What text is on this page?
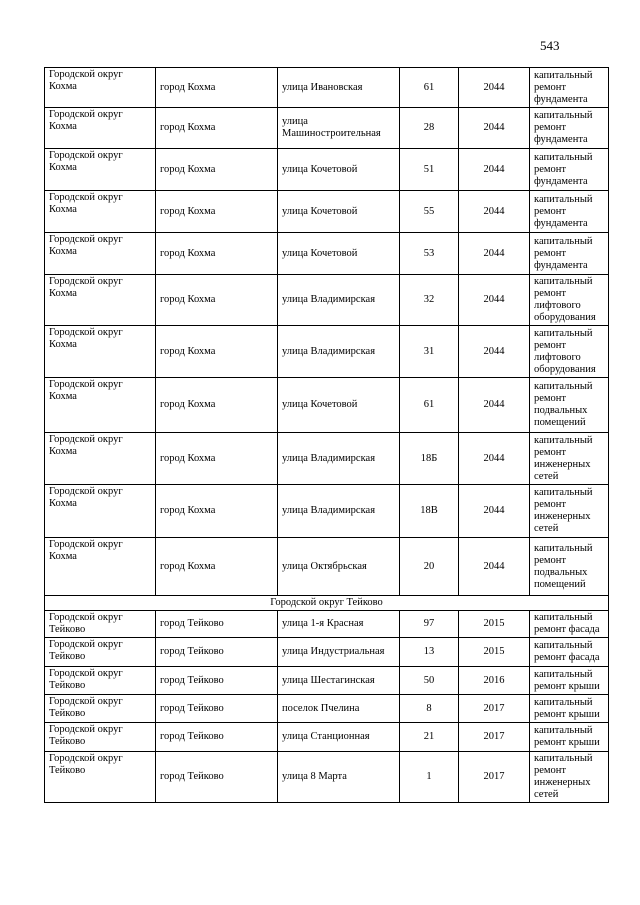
543
Городской округ Кохма	город Кохма	улица Ивановская	61	2044	капитальный ремонт фундамента
Городской округ Кохма	город Кохма	улица Машиностроительная	28	2044	капитальный ремонт фундамента
Городской округ Кохма	город Кохма	улица Кочетовой	51	2044	капитальный ремонт фундамента
Городской округ Кохма	город Кохма	улица Кочетовой	55	2044	капитальный ремонт фундамента
Городской округ Кохма	город Кохма	улица Кочетовой	53	2044	капитальный ремонт фундамента
Городской округ Кохма	город Кохма	улица Владимирская	32	2044	капитальный ремонт лифтового оборудования
Городской округ Кохма	город Кохма	улица Владимирская	31	2044	капитальный ремонт лифтового оборудования
Городской округ Кохма	город Кохма	улица Кочетовой	61	2044	капитальный ремонт подвальных помещений
Городской округ Кохма	город Кохма	улица Владимирская	18Б	2044	капитальный ремонт инженерных сетей
Городской округ Кохма	город Кохма	улица Владимирская	18В	2044	капитальный ремонт инженерных сетей
Городской округ Кохма	город Кохма	улица Октябрьская	20	2044	капитальный ремонт подвальных помещений
Городской округ Тейково					
Городской округ Тейково	город Тейково	улица 1-я Красная	97	2015	капитальный ремонт фасада
Городской округ Тейково	город Тейково	улица Индустриальная	13	2015	капитальный ремонт фасада
Городской округ Тейково	город Тейково	улица Шестагинская	50	2016	капитальный ремонт крыши
Городской округ Тейково	город Тейково	поселок Пчелина	8	2017	капитальный ремонт крыши
Городской округ Тейково	город Тейково	улица Станционная	21	2017	капитальный ремонт крыши
Городской округ Тейково	город Тейково	улица 8 Марта	1	2017	капитальный ремонт инженерных сетей
